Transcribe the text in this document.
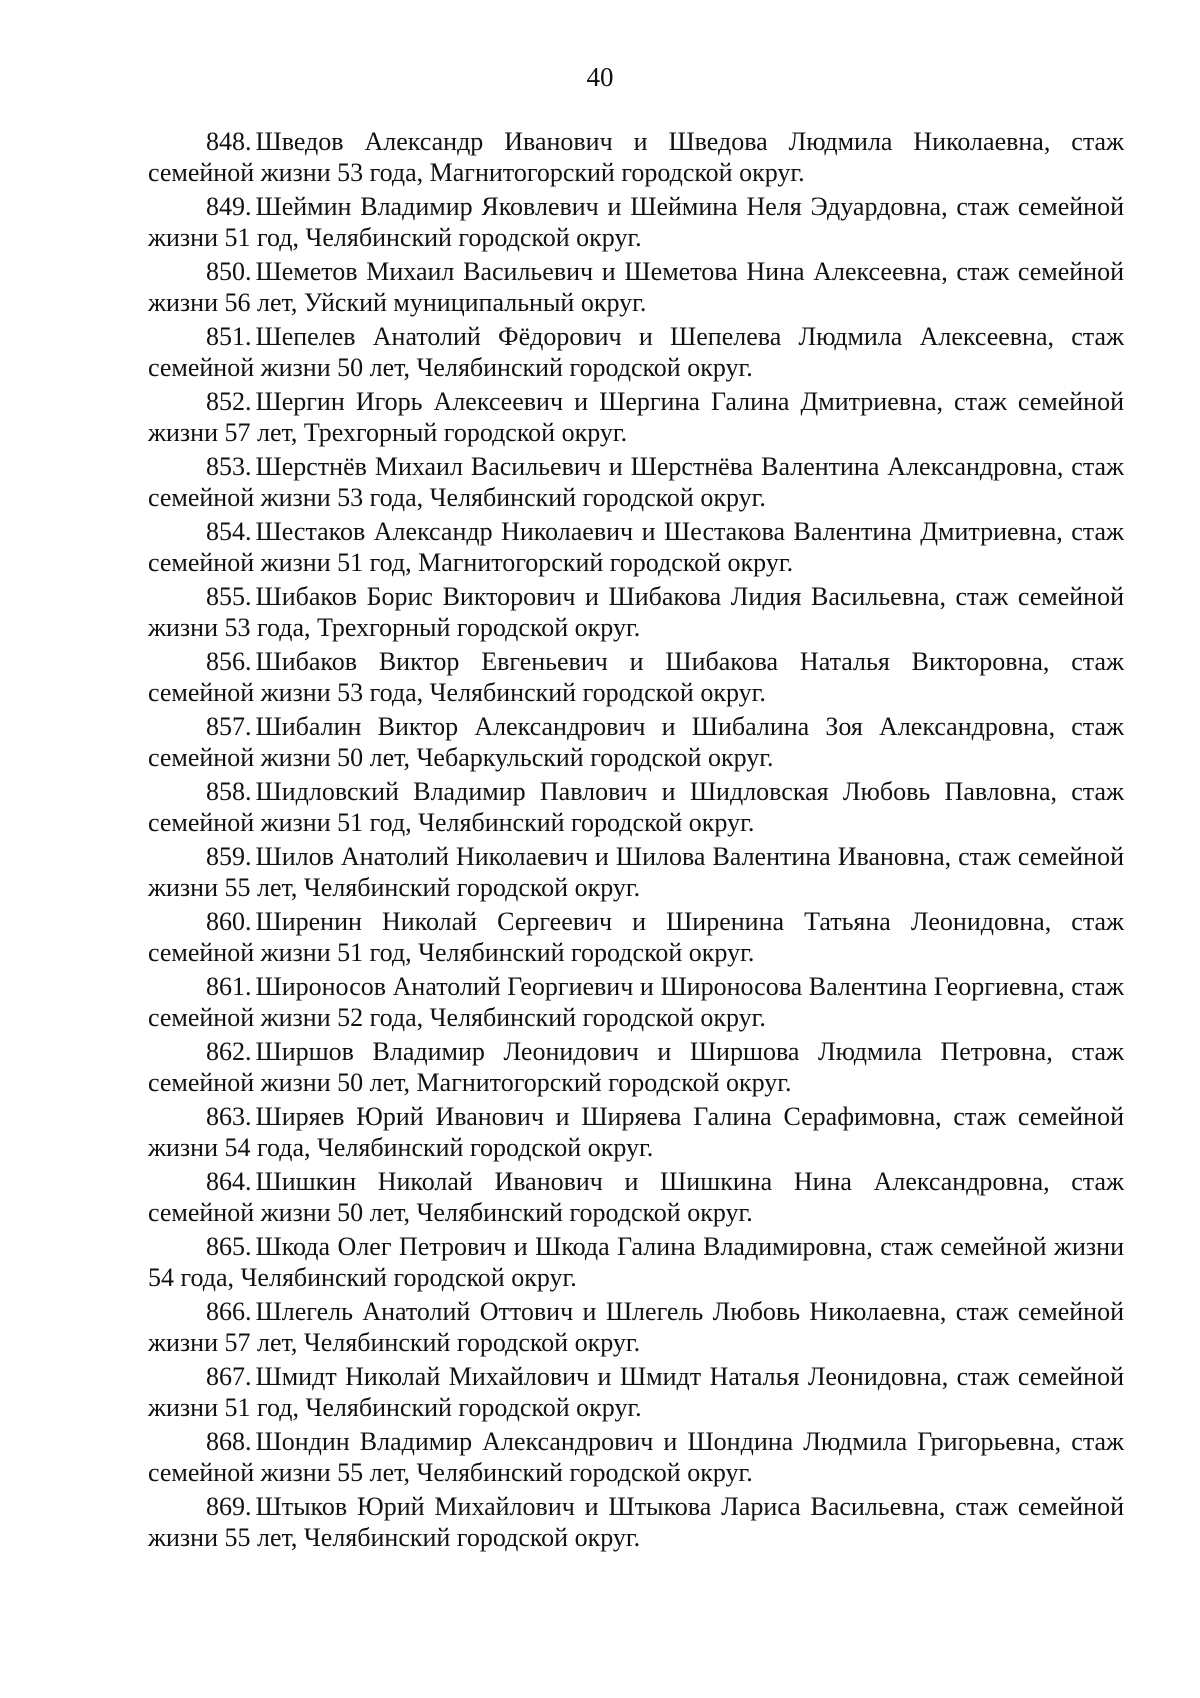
40

848. Шведов Александр Иванович и Шведова Людмила Николаевна, стаж семейной жизни 53 года, Магнитогорский городской округ.

849. Шеймин Владимир Яковлевич и Шеймина Неля Эдуардовна, стаж семейной жизни 51 год, Челябинский городской округ.

850. Шеметов Михаил Васильевич и Шеметова Нина Алексеевна, стаж семейной жизни 56 лет, Уйский муниципальный округ.

851. Шепелев Анатолий Фёдорович и Шепелева Людмила Алексеевна, стаж семейной жизни 50 лет, Челябинский городской округ.

852. Шергин Игорь Алексеевич и Шергина Галина Дмитриевна, стаж семейной жизни 57 лет, Трехгорный городской округ.

853. Шерстнёв Михаил Васильевич и Шерстнёва Валентина Александровна, стаж семейной жизни 53 года, Челябинский городской округ.

854. Шестаков Александр Николаевич и Шестакова Валентина Дмитриевна, стаж семейной жизни 51 год, Магнитогорский городской округ.

855. Шибаков Борис Викторович и Шибакова Лидия Васильевна, стаж семейной жизни 53 года, Трехгорный городской округ.

856. Шибаков Виктор Евгеньевич и Шибакова Наталья Викторовна, стаж семейной жизни 53 года, Челябинский городской округ.

857. Шибалин Виктор Александрович и Шибалина Зоя Александровна, стаж семейной жизни 50 лет, Чебаркульский городской округ.

858. Шидловский Владимир Павлович и Шидловская Любовь Павловна, стаж семейной жизни 51 год, Челябинский городской округ.

859. Шилов Анатолий Николаевич и Шилова Валентина Ивановна, стаж семейной жизни 55 лет, Челябинский городской округ.

860. Ширенин Николай Сергеевич и Ширенина Татьяна Леонидовна, стаж семейной жизни 51 год, Челябинский городской округ.

861. Широносов Анатолий Георгиевич и Широносова Валентина Георгиевна, стаж семейной жизни 52 года, Челябинский городской округ.

862. Ширшов Владимир Леонидович и Ширшова Людмила Петровна, стаж семейной жизни 50 лет, Магнитогорский городской округ.

863. Ширяев Юрий Иванович и Ширяева Галина Серафимовна, стаж семейной жизни 54 года, Челябинский городской округ.

864. Шишкин Николай Иванович и Шишкина Нина Александровна, стаж семейной жизни 50 лет, Челябинский городской округ.

865. Шкода Олег Петрович и Шкода Галина Владимировна, стаж семейной жизни 54 года, Челябинский городской округ.

866. Шлегель Анатолий Оттович и Шлегель Любовь Николаевна, стаж семейной жизни 57 лет, Челябинский городской округ.

867. Шмидт Николай Михайлович и Шмидт Наталья Леонидовна, стаж семейной жизни 51 год, Челябинский городской округ.

868. Шондин Владимир Александрович и Шондина Людмила Григорьевна, стаж семейной жизни 55 лет, Челябинский городской округ.

869. Штыков Юрий Михайлович и Штыкова Лариса Васильевна, стаж семейной жизни 55 лет, Челябинский городской округ.
